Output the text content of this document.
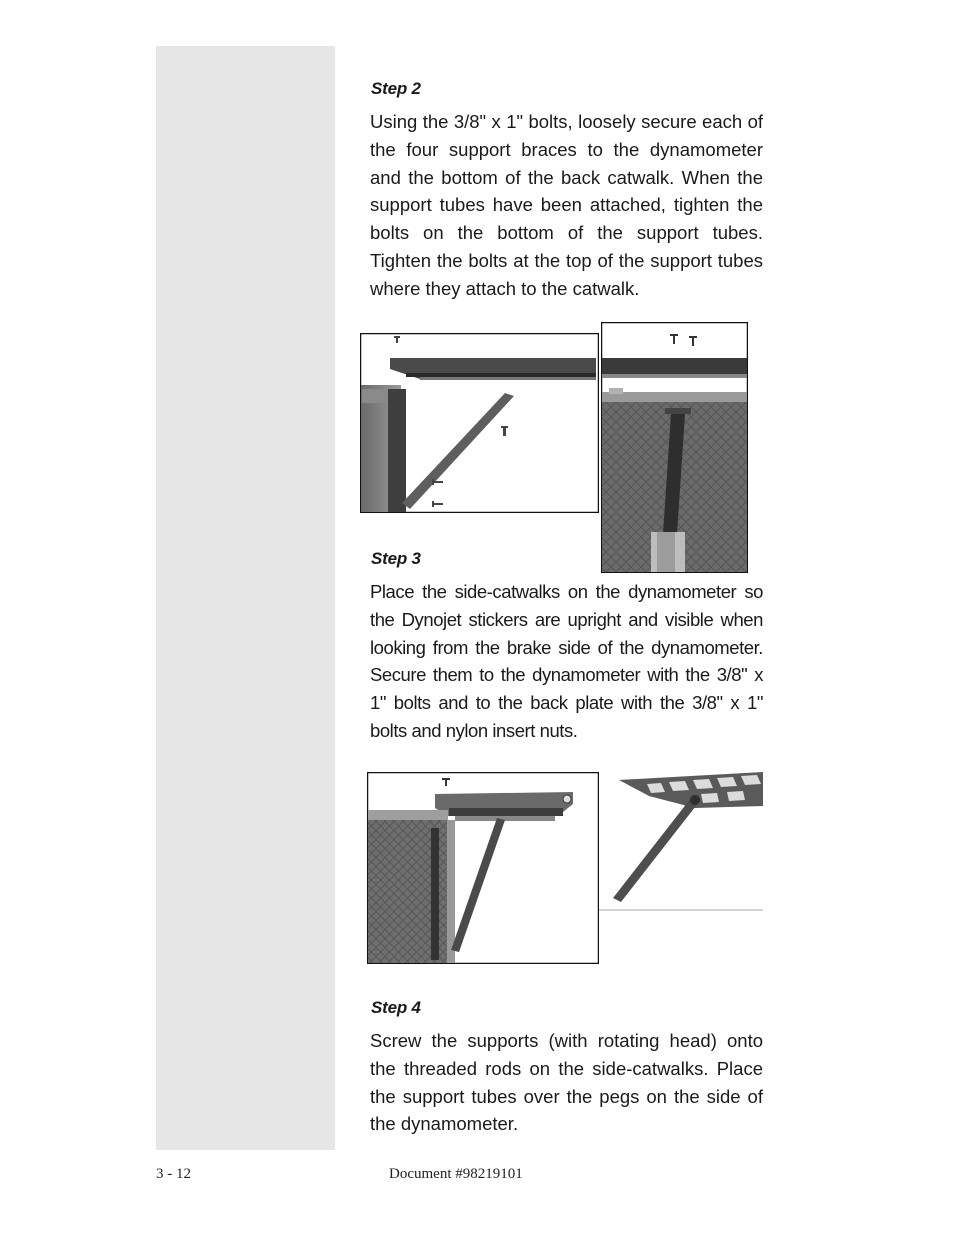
Step 2

Using the 3/8" x 1" bolts, loosely secure each of the four support braces to the dynamometer and the bottom of the back catwalk. When the support tubes have been attached, tighten the bolts on the bottom of the support tubes. Tighten the bolts at the top of the support tubes where they attach to the catwalk.

Step 3

Place the side-catwalks on the dynamometer so the Dynojet stickers are upright and visible when looking from the brake side of the dynamometer. Secure them to the dynamometer with the 3/8" x 1" bolts and to the back plate with the 3/8" x 1" bolts and nylon insert nuts.

Step 4

Screw the supports (with rotating head) onto the threaded rods on the side-catwalks. Place the support tubes over the pegs on the side of the dynamometer.

3 - 12	Document #98219101
